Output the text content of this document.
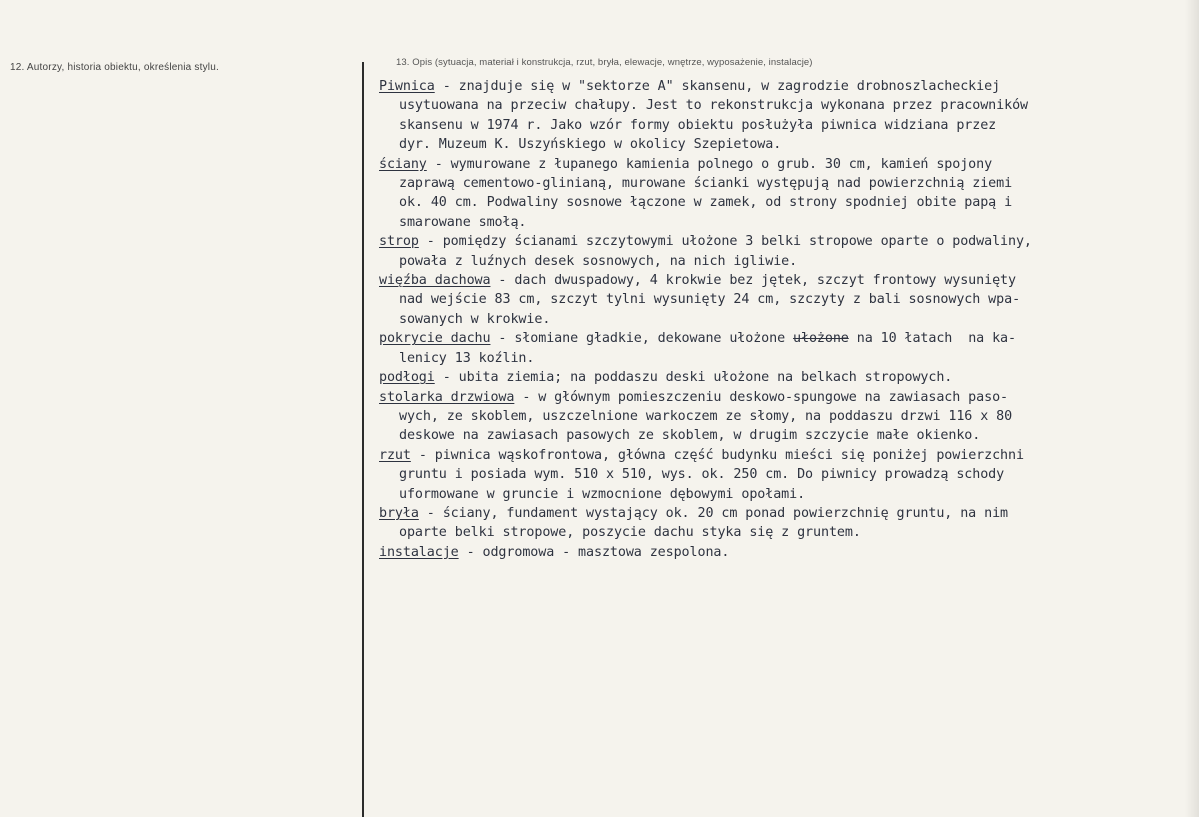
12. Autorzy, historia obiektu, określenia stylu.	13. Opis (sytuacja, materiał i konstrukcja, rzut, bryła, elewacje, wnętrze, wyposażenie, instalacje)
Piwnica - znajduje się w "sektorze A" skansenu, w zagrodzie drobnoszlacheckiej
usytuowana na przeciw chałupy. Jest to rekonstrukcja wykonana przez pracowników
skansenu w 1974 r. Jako wzór formy obiektu posłużyła piwnica widziana przez
dyr. Muzeum K. Uszyńskiego w okolicy Szepietowa.
ściany - wymurowane z łupanego kamienia polnego o grub. 30 cm, kamień spojony
zaprawą cementowo-glinianą, murowane ścianki występują nad powierzchnią ziemi
ok. 40 cm. Podwaliny sosnowe łączone w zamek, od strony spodniej obite papą i
smarowane smołą.
strop - pomiędzy ścianami szczytowymi ułożone 3 belki stropowe oparte o podwaliny,
powała z luźnych desek sosnowych, na nich igliwie.
więźba dachowa - dach dwuspadowy, 4 krokwie bez jętek, szczyt frontowy wysunięty
nad wejście 83 cm, szczyt tylni wysunięty 24 cm, szczyty z bali sosnowych wpa-
sowanych w krokwie.
pokrycie dachu - słomiane gładkie, dekowane ułożone ułożone na 10 łatach  na ka-
lenicy 13 koźlin.
podłogi - ubita ziemia; na poddaszu deski ułożone na belkach stropowych.
stolarka drzwiowa - w głównym pomieszczeniu deskowo-spungowe na zawiasach paso-
wych, ze skoblem, uszczelnione warkoczem ze słomy, na poddaszu drzwi 116 x 80
deskowe na zawiasach pasowych ze skoblem, w drugim szczycie małe okienko.
rzut - piwnica wąskofrontowa, główna część budynku mieści się poniżej powierzchni
gruntu i posiada wym. 510 x 510, wys. ok. 250 cm. Do piwnicy prowadzą schody
uformowane w gruncie i wzmocnione dębowymi opołami.
bryła - ściany, fundament wystający ok. 20 cm ponad powierzchnię gruntu, na nim
oparte belki stropowe, poszycie dachu styka się z gruntem.
instalacje - odgromowa - masztowa zespolona.
